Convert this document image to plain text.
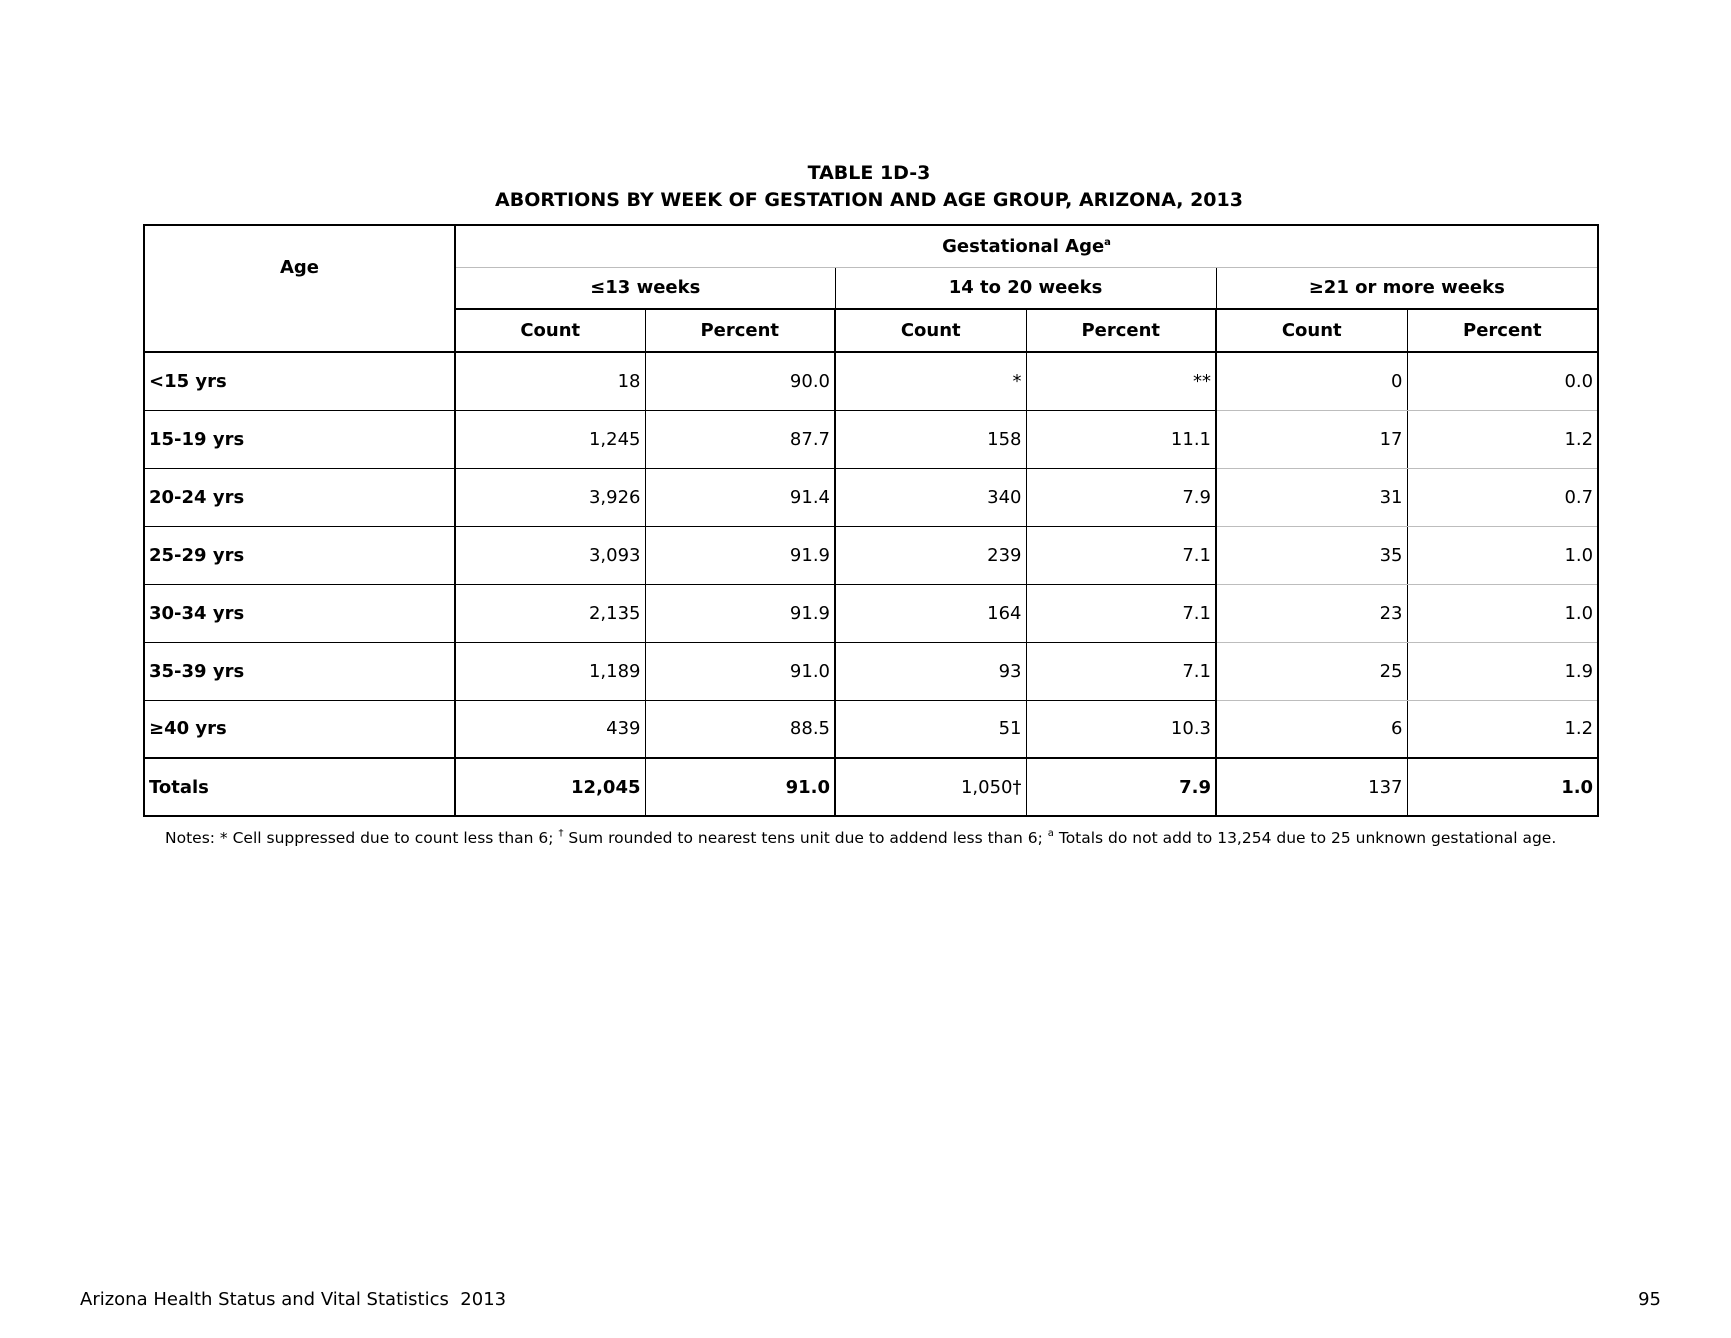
TABLE 1D-3
ABORTIONS BY WEEK OF GESTATION AND AGE GROUP, ARIZONA, 2013
Age	Gestational Age$^a$
	≤13 weeks		14 to 20 weeks		≥21 or more weeks	
	Count	Percent	Count	Percent	Count	Percent
<15 yrs	18	90.0	*	**	0	0.0
15-19 yrs	1,245	87.7	158	11.1	17	1.2
20-24 yrs	3,926	91.4	340	7.9	31	0.7
25-29 yrs	3,093	91.9	239	7.1	35	1.0
30-34 yrs	2,135	91.9	164	7.1	23	1.0
35-39 yrs	1,189	91.0	93	7.1	25	1.9
≥40 yrs	439	88.5	51	10.3	6	1.2
Totals	12,045	91.0	1,050†	7.9	137	1.0
Notes: * Cell suppressed due to count less than 6; † Sum rounded to nearest tens unit due to addend less than 6; $^a$ Totals do not add to 13,254 due to 25 unknown gestational age.
Arizona Health Status and Vital Statistics  2013	95
